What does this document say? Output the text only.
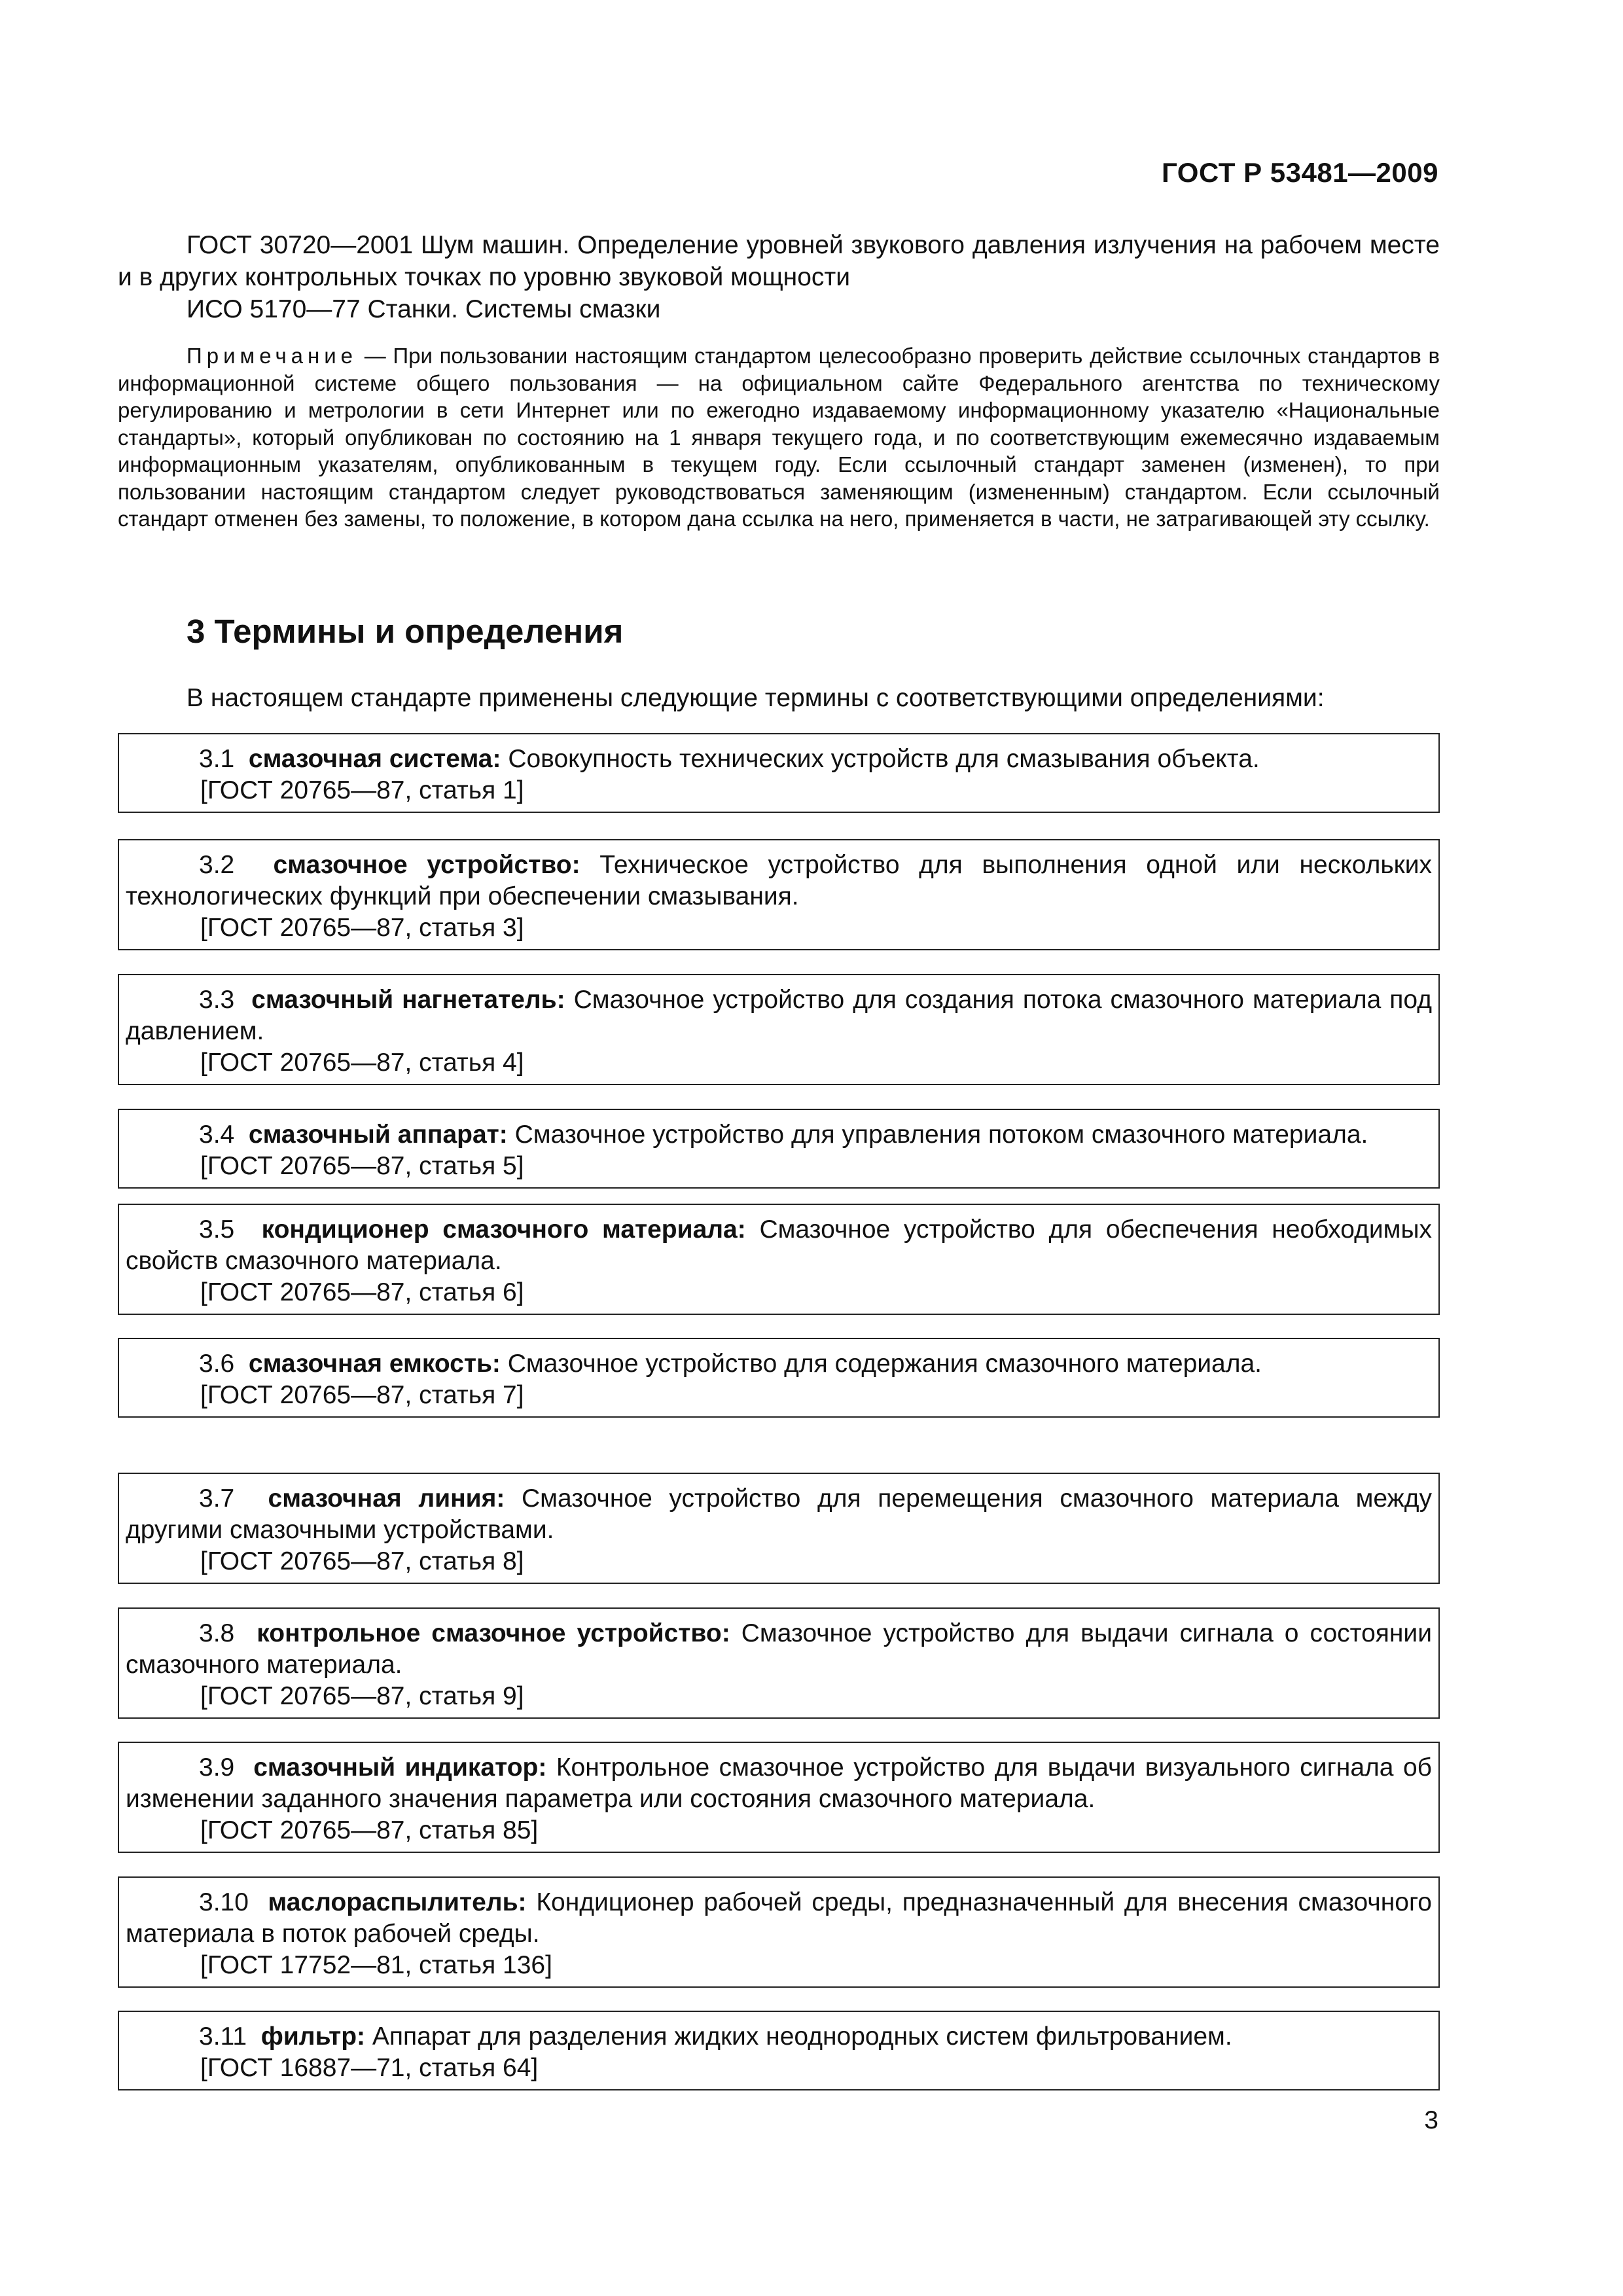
ГОСТ Р 53481—2009

ГОСТ 30720—2001 Шум машин. Определение уровней звукового давления излучения на рабочем месте и в других контрольных точках по уровню звуковой мощности

ИСО 5170—77 Станки. Системы смазки

Примечание — При пользовании настоящим стандартом целесообразно проверить действие ссылочных стандартов в информационной системе общего пользования — на официальном сайте Федерального агентства по техническому регулированию и метрологии в сети Интернет или по ежегодно издаваемому информационному указателю «Национальные стандарты», который опубликован по состоянию на 1 января текущего года, и по соответствующим ежемесячно издаваемым информационным указателям, опубликованным в текущем году. Если ссылочный стандарт заменен (изменен), то при пользовании настоящим стандартом следует руководствоваться заменяющим (измененным) стандартом. Если ссылочный стандарт отменен без замены, то положение, в котором дана ссылка на него, применяется в части, не затрагивающей эту ссылку.

3 Термины и определения

В настоящем стандарте применены следующие термины с соответствующими определениями:

3.1 смазочная система: Совокупность технических устройств для смазывания объекта.

[ГОСТ 20765—87, статья 1]

3.2 смазочное устройство: Техническое устройство для выполнения одной или нескольких технологических функций при обеспечении смазывания.

[ГОСТ 20765—87, статья 3]

3.3 смазочный нагнетатель: Смазочное устройство для создания потока смазочного материала под давлением.

[ГОСТ 20765—87, статья 4]

3.4 смазочный аппарат: Смазочное устройство для управления потоком смазочного материала.

[ГОСТ 20765—87, статья 5]

3.5 кондиционер смазочного материала: Смазочное устройство для обеспечения необходимых свойств смазочного материала.

[ГОСТ 20765—87, статья 6]

3.6 смазочная емкость: Смазочное устройство для содержания смазочного материала.

[ГОСТ 20765—87, статья 7]

3.7 смазочная линия: Смазочное устройство для перемещения смазочного материала между другими смазочными устройствами.

[ГОСТ 20765—87, статья 8]

3.8 контрольное смазочное устройство: Смазочное устройство для выдачи сигнала о состоянии смазочного материала.

[ГОСТ 20765—87, статья 9]

3.9 смазочный индикатор: Контрольное смазочное устройство для выдачи визуального сигнала об изменении заданного значения параметра или состояния смазочного материала.

[ГОСТ 20765—87, статья 85]

3.10 маслораспылитель: Кондиционер рабочей среды, предназначенный для внесения смазочного материала в поток рабочей среды.

[ГОСТ 17752—81, статья 136]

3.11 фильтр: Аппарат для разделения жидких неоднородных систем фильтрованием.

[ГОСТ 16887—71, статья 64]

3
